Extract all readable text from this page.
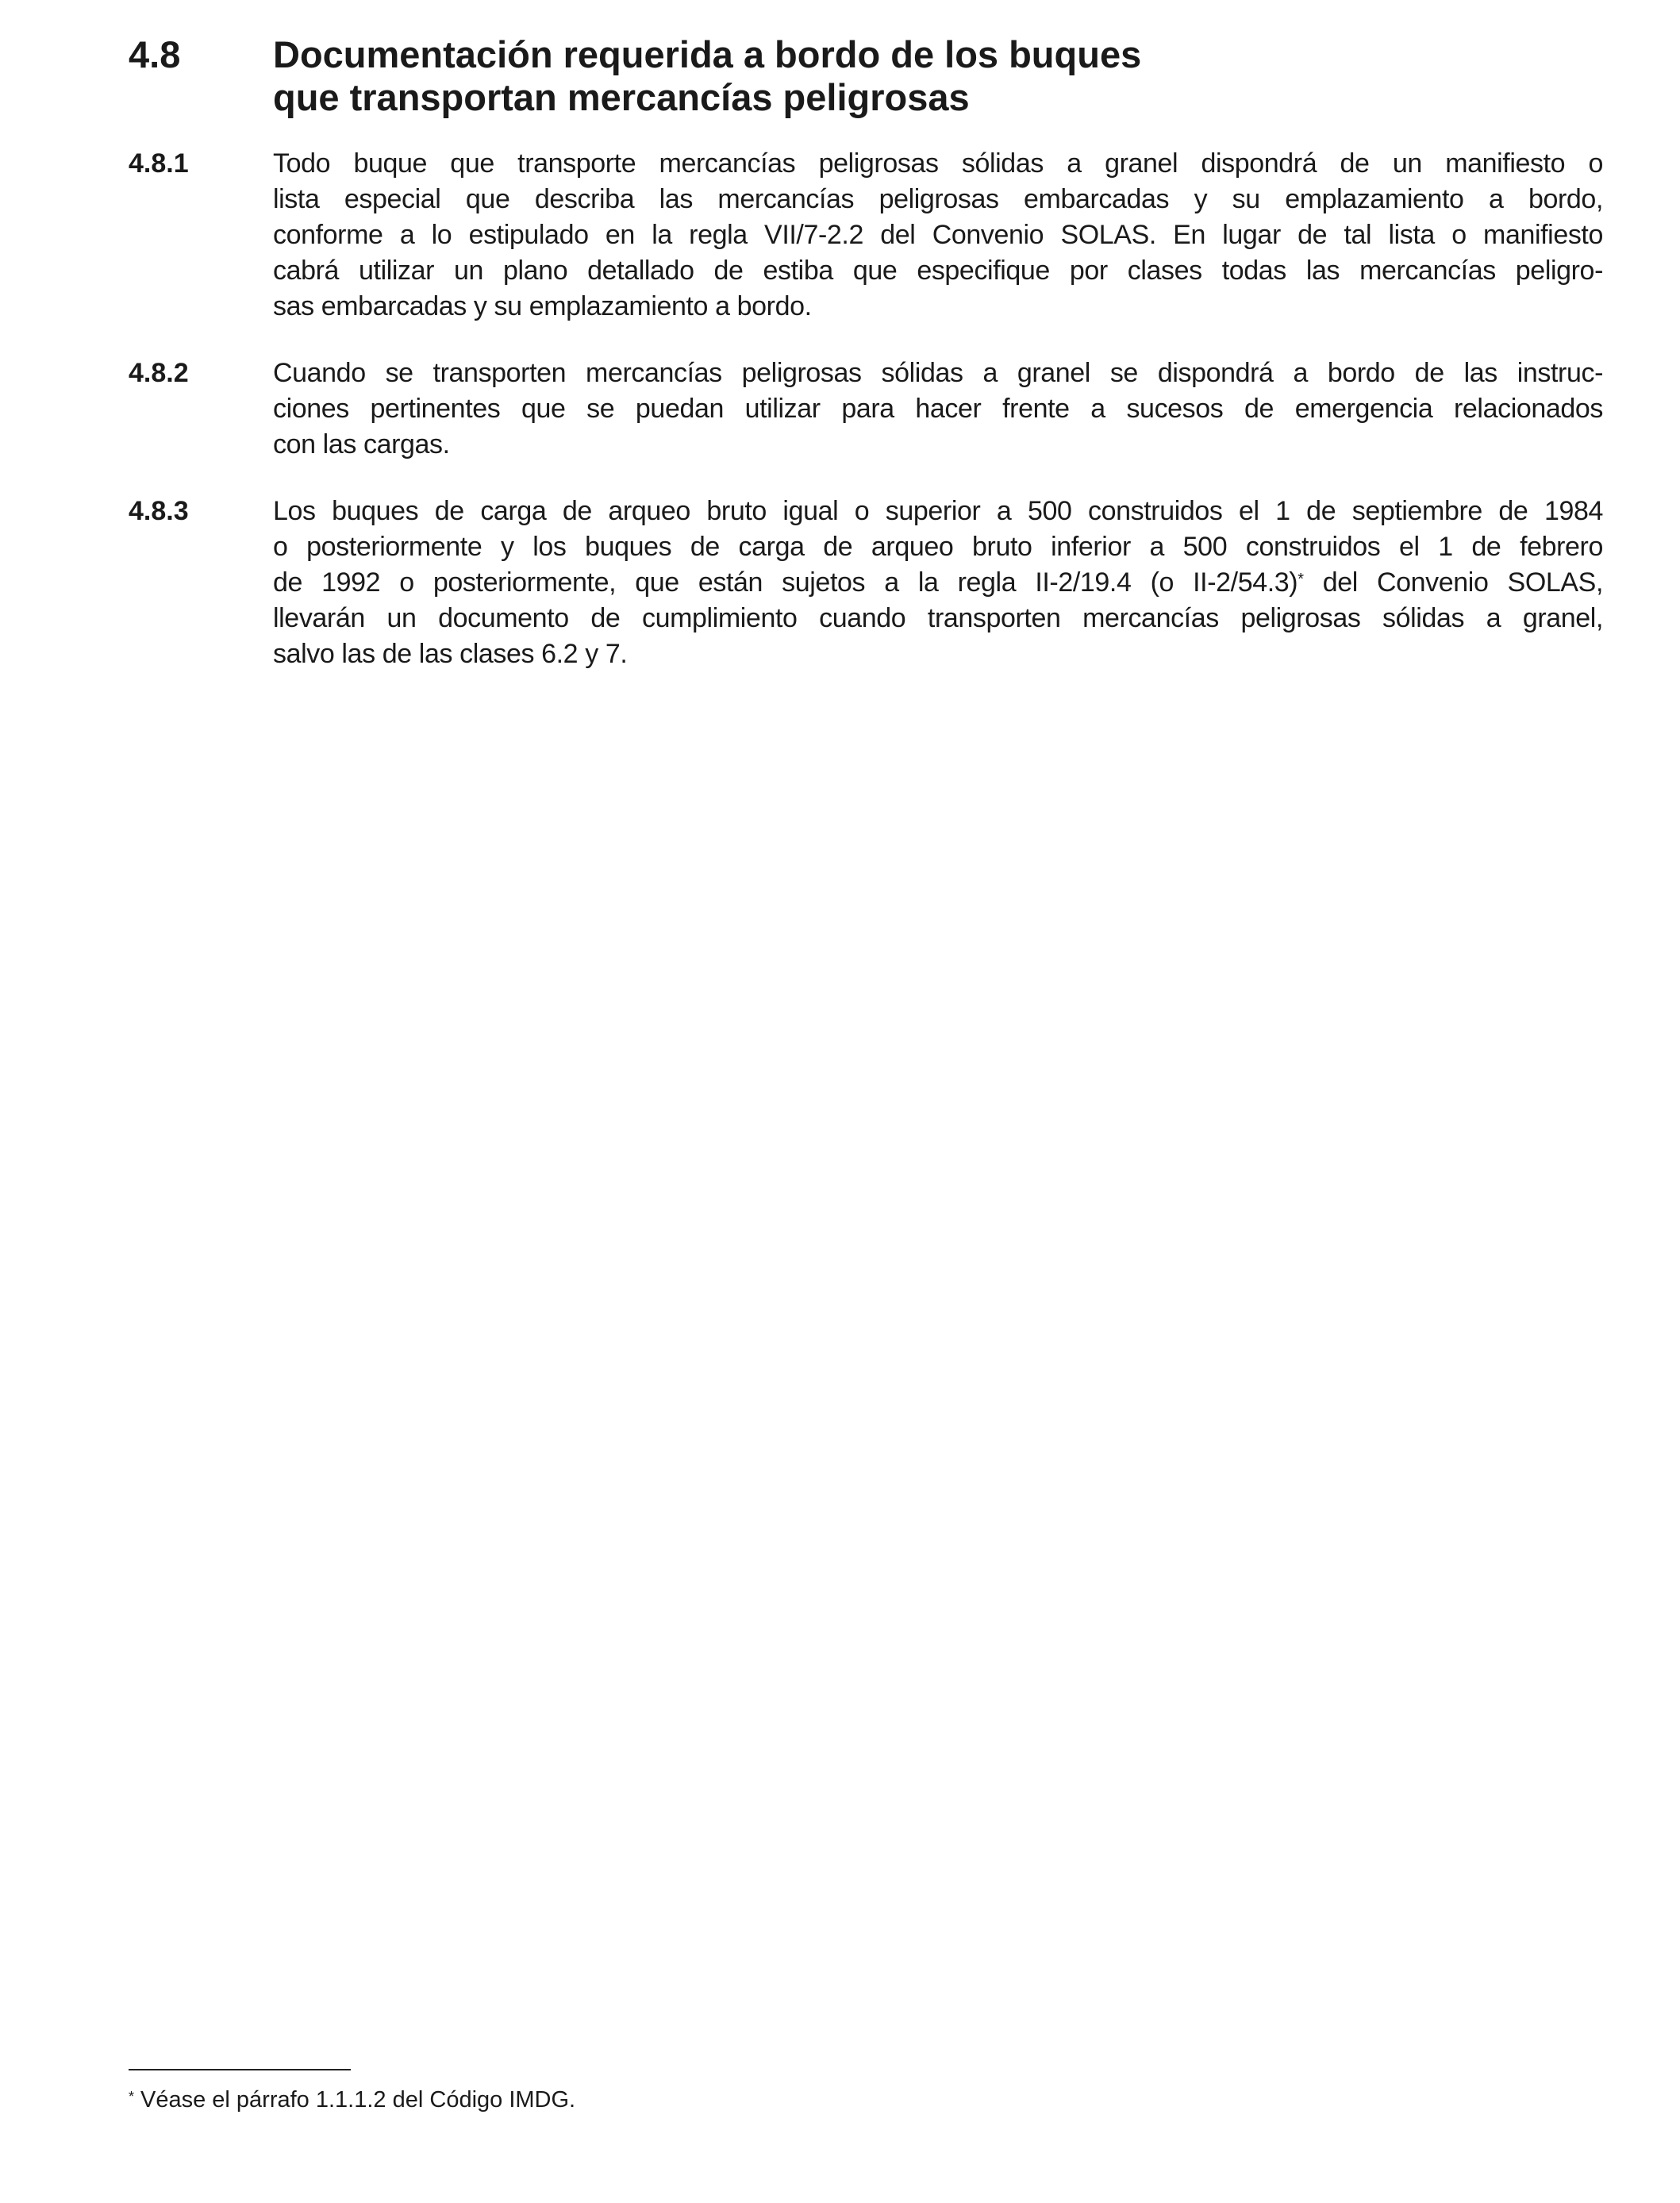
4.8 Documentación requerida a bordo de los buques
que transportan mercancías peligrosas
4.8.1	Todo buque que transporte mercancías peligrosas sólidas a granel dispondrá de un manifiesto o
lista especial que describa las mercancías peligrosas embarcadas y su emplazamiento a bordo,
conforme a lo estipulado en la regla VII/7-2.2 del Convenio SOLAS. En lugar de tal lista o manifiesto
cabrá utilizar un plano detallado de estiba que especifique por clases todas las mercancías peligro-
sas embarcadas y su emplazamiento a bordo.
4.8.2	Cuando se transporten mercancías peligrosas sólidas a granel se dispondrá a bordo de las instruc-
ciones pertinentes que se puedan utilizar para hacer frente a sucesos de emergencia relacionados
con las cargas.
4.8.3	Los buques de carga de arqueo bruto igual o superior a 500 construidos el 1 de septiembre de 1984
o posteriormente y los buques de carga de arqueo bruto inferior a 500 construidos el 1 de febrero
de 1992 o posteriormente, que están sujetos a la regla II-2/19.4 (o II-2/54.3)* del Convenio SOLAS,
llevarán un documento de cumplimiento cuando transporten mercancías peligrosas sólidas a granel,
salvo las de las clases 6.2 y 7.
* Véase el párrafo 1.1.1.2 del Código IMDG.
